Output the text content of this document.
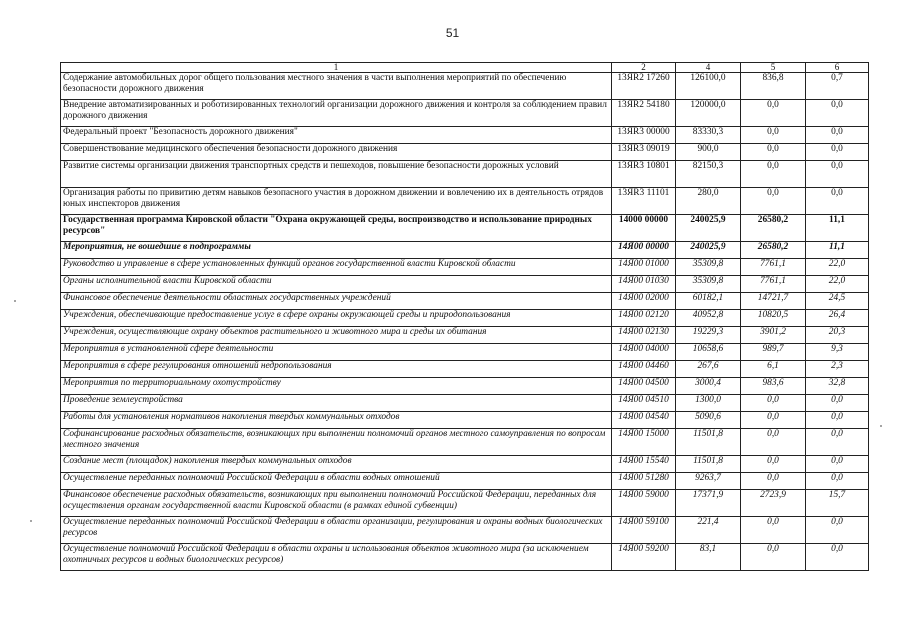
51
1	2	4	5	6
Содержание автомобильных дорог общего пользования местного значения в части выполнения мероприятий по обеспечению безопасности дорожного движения	13ЯR2 17260	126100,0	836,8	0,7
Внедрение автоматизированных и роботизированных технологий организации дорожного движения и контроля за соблюдением правил дорожного движения	13ЯR2 54180	120000,0	0,0	0,0
Федеральный проект "Безопасность дорожного движения"	13ЯR3 00000	83330,3	0,0	0,0
Совершенствование медицинского обеспечения безопасности дорожного движения	13ЯR3 09019	900,0	0,0	0,0
Развитие системы организации движения транспортных средств и пешеходов, повышение безопасности дорожных условий	13ЯR3 10801	82150,3	0,0	0,0
Организация работы по привитию детям навыков безопасного участия в дорожном движении и вовлечению их в деятельность отрядов юных инспекторов движения	13ЯR3 11101	280,0	0,0	0,0
Государственная программа Кировской области "Охрана окружающей среды, воспроизводство и использование природных ресурсов"	14000 00000	240025,9	26580,2	11,1
Мероприятия, не вошедшие в подпрограммы	14Я00 00000	240025,9	26580,2	11,1
Руководство и управление в сфере установленных функций органов государственной власти Кировской области	14Я00 01000	35309,8	7761,1	22,0
Органы исполнительной власти Кировской области	14Я00 01030	35309,8	7761,1	22,0
Финансовое обеспечение деятельности областных государственных учреждений	14Я00 02000	60182,1	14721,7	24,5
Учреждения, обеспечивающие предоставление услуг в сфере охраны окружающей среды и природопользования	14Я00 02120	40952,8	10820,5	26,4
Учреждения, осуществляющие охрану объектов растительного и животного мира и среды их обитания	14Я00 02130	19229,3	3901,2	20,3
Мероприятия в установленной сфере деятельности	14Я00 04000	10658,6	989,7	9,3
Мероприятия в сфере регулирования отношений недропользования	14Я00 04460	267,6	6,1	2,3
Мероприятия по территориальному охотустройству	14Я00 04500	3000,4	983,6	32,8
Проведение землеустройства	14Я00 04510	1300,0	0,0	0,0
Работы для установления нормативов накопления твердых коммунальных отходов	14Я00 04540	5090,6	0,0	0,0
Софинансирование расходных обязательств, возникающих при выполнении полномочий органов местного самоуправления по вопросам местного значения	14Я00 15000	11501,8	0,0	0,0
Создание мест (площадок) накопления твердых коммунальных отходов	14Я00 15540	11501,8	0,0	0,0
Осуществление переданных полномочий Российской Федерации в области водных отношений	14Я00 51280	9263,7	0,0	0,0
Финансовое обеспечение расходных обязательств, возникающих при выполнении полномочий Российской Федерации, переданных для осуществления органам государственной власти Кировской области (в рамках единой субвенции)	14Я00 59000	17371,9	2723,9	15,7
Осуществление переданных полномочий Российской Федерации в области организации, регулирования и охраны водных биологических ресурсов	14Я00 59100	221,4	0,0	0,0
Осуществление полномочий Российской Федерации в области охраны и использования объектов животного мира (за исключением охотничьих ресурсов и водных биологических ресурсов)	14Я00 59200	83,1	0,0	0,0
